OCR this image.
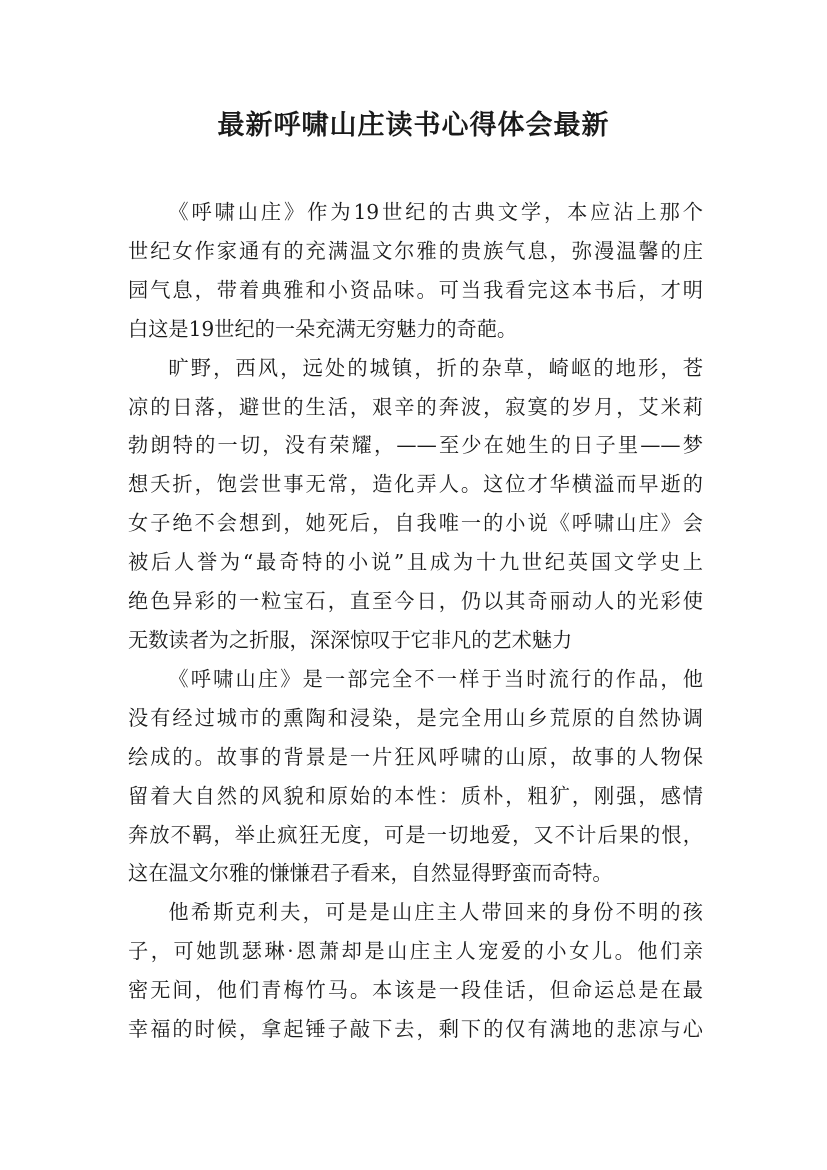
最新呼啸山庄读书心得体会最新

《呼啸山庄》作为19世纪的古典文学，本应沾上那个
世纪女作家通有的充满温文尔雅的贵族气息，弥漫温馨的庄
园气息，带着典雅和小资品味。可当我看完这本书后，才明
白这是19世纪的一朵充满无穷魅力的奇葩。

旷野，西风，远处的城镇，折的杂草，崎岖的地形，苍
凉的日落，避世的生活，艰辛的奔波，寂寞的岁月，艾米莉
勃朗特的一切，没有荣耀，——至少在她生的日子里——梦
想夭折，饱尝世事无常，造化弄人。这位才华横溢而早逝的
女子绝不会想到，她死后，自我唯一的小说《呼啸山庄》会
被后人誉为“最奇特的小说”且成为十九世纪英国文学史上
绝色异彩的一粒宝石，直至今日，仍以其奇丽动人的光彩使
无数读者为之折服，深深惊叹于它非凡的艺术魅力

《呼啸山庄》是一部完全不一样于当时流行的作品，他
没有经过城市的熏陶和浸染，是完全用山乡荒原的自然协调
绘成的。故事的背景是一片狂风呼啸的山原，故事的人物保
留着大自然的风貌和原始的本性：质朴，粗犷，刚强，感情
奔放不羁，举止疯狂无度，可是一切地爱，又不计后果的恨，
这在温文尔雅的慊慊君子看来，自然显得野蛮而奇特。

他希斯克利夫，可是是山庄主人带回来的身份不明的孩
子，可她凯瑟琳·恩萧却是山庄主人宠爱的小女儿。他们亲
密无间，他们青梅竹马。本该是一段佳话，但命运总是在最
幸福的时候，拿起锤子敲下去，剩下的仅有满地的悲凉与心
